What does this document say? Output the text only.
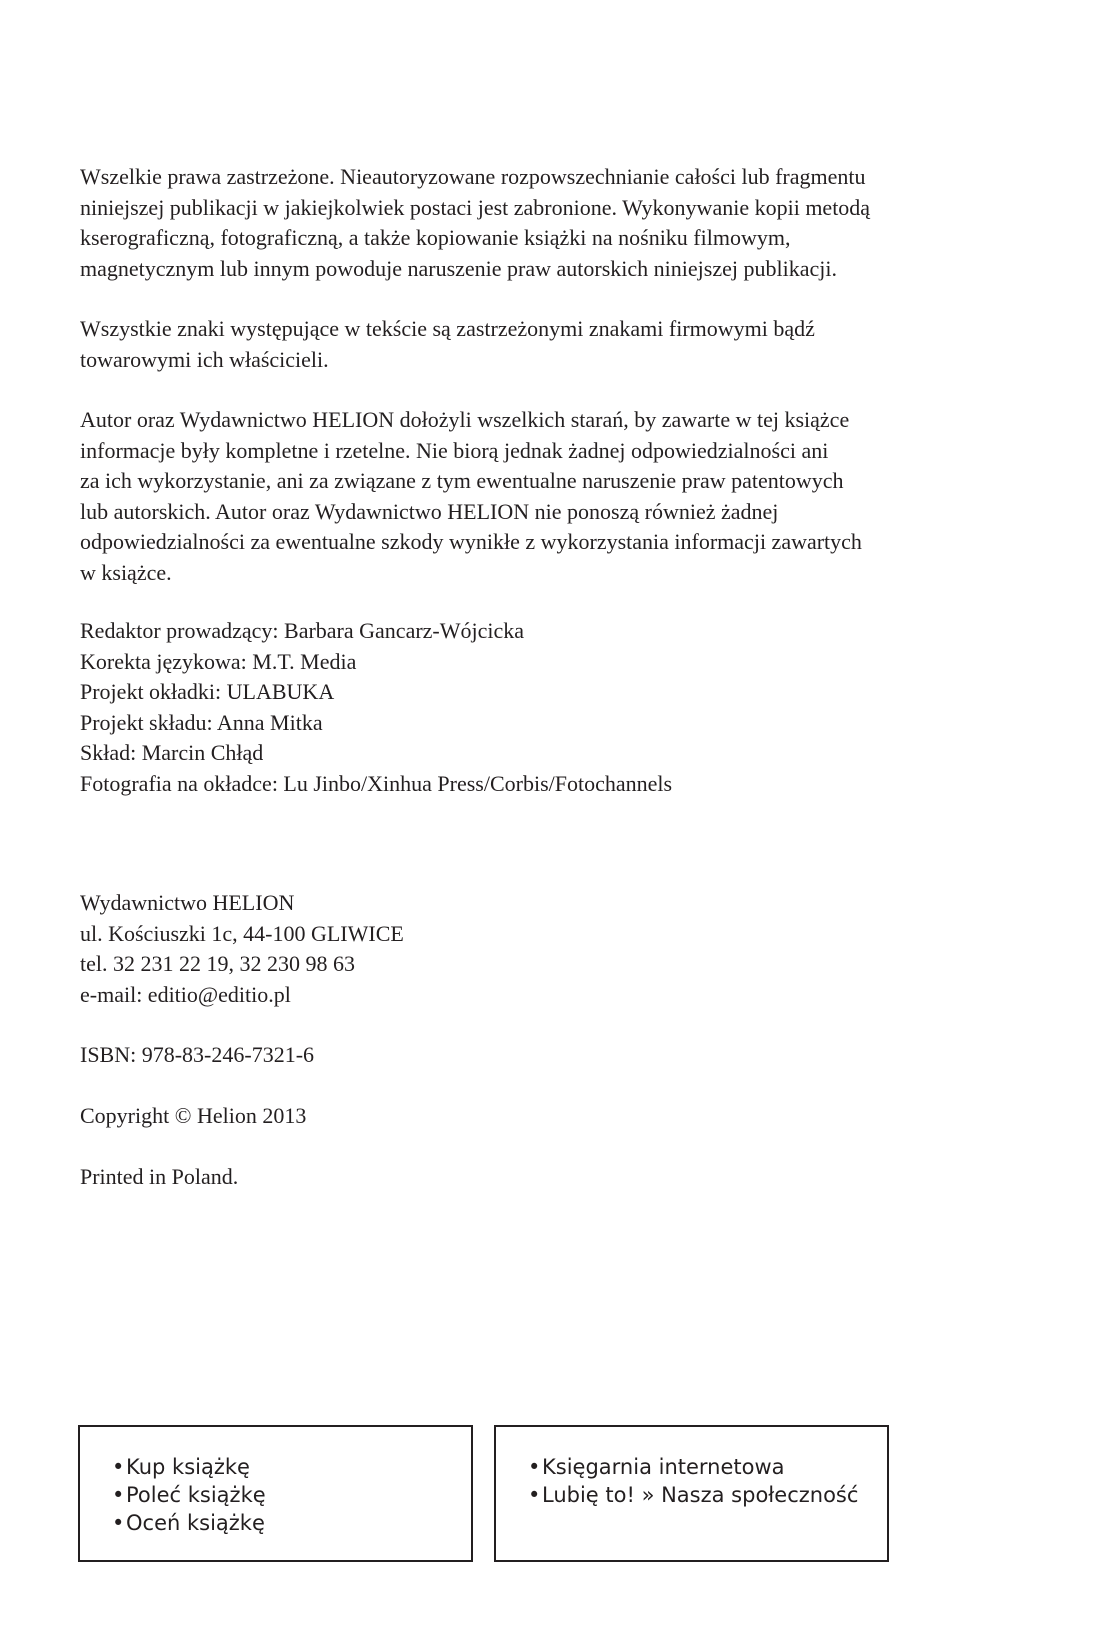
Wszelkie prawa zastrzeżone. Nieautoryzowane rozpowszechnianie całości lub fragmentu
niniejszej publikacji w jakiejkolwiek postaci jest zabronione. Wykonywanie kopii metodą
kserograficzną, fotograficzną, a także kopiowanie książki na nośniku filmowym,
magnetycznym lub innym powoduje naruszenie praw autorskich niniejszej publikacji.
Wszystkie znaki występujące w tekście są zastrzeżonymi znakami firmowymi bądź
towarowymi ich właścicieli.
Autor oraz Wydawnictwo HELION dołożyli wszelkich starań, by zawarte w tej książce
informacje były kompletne i rzetelne. Nie biorą jednak żadnej odpowiedzialności ani
za ich wykorzystanie, ani za związane z tym ewentualne naruszenie praw patentowych
lub autorskich. Autor oraz Wydawnictwo HELION nie ponoszą również żadnej
odpowiedzialności za ewentualne szkody wynikłe z wykorzystania informacji zawartych
w książce.
Redaktor prowadzący: Barbara Gancarz-Wójcicka
Korekta językowa: M.T. Media
Projekt okładki: ULABUKA
Projekt składu: Anna Mitka
Skład: Marcin Chłąd
Fotografia na okładce: Lu Jinbo/Xinhua Press/Corbis/Fotochannels
Wydawnictwo HELION
ul. Kościuszki 1c, 44-100 GLIWICE
tel. 32 231 22 19, 32 230 98 63
e-mail: editio@editio.pl
ISBN: 978-83-246-7321-6
Copyright © Helion 2013
Printed in Poland.
•Kup książkę
•Poleć książkę
•Oceń książkę
•Księgarnia internetowa
•Lubię to! » Nasza społeczność
